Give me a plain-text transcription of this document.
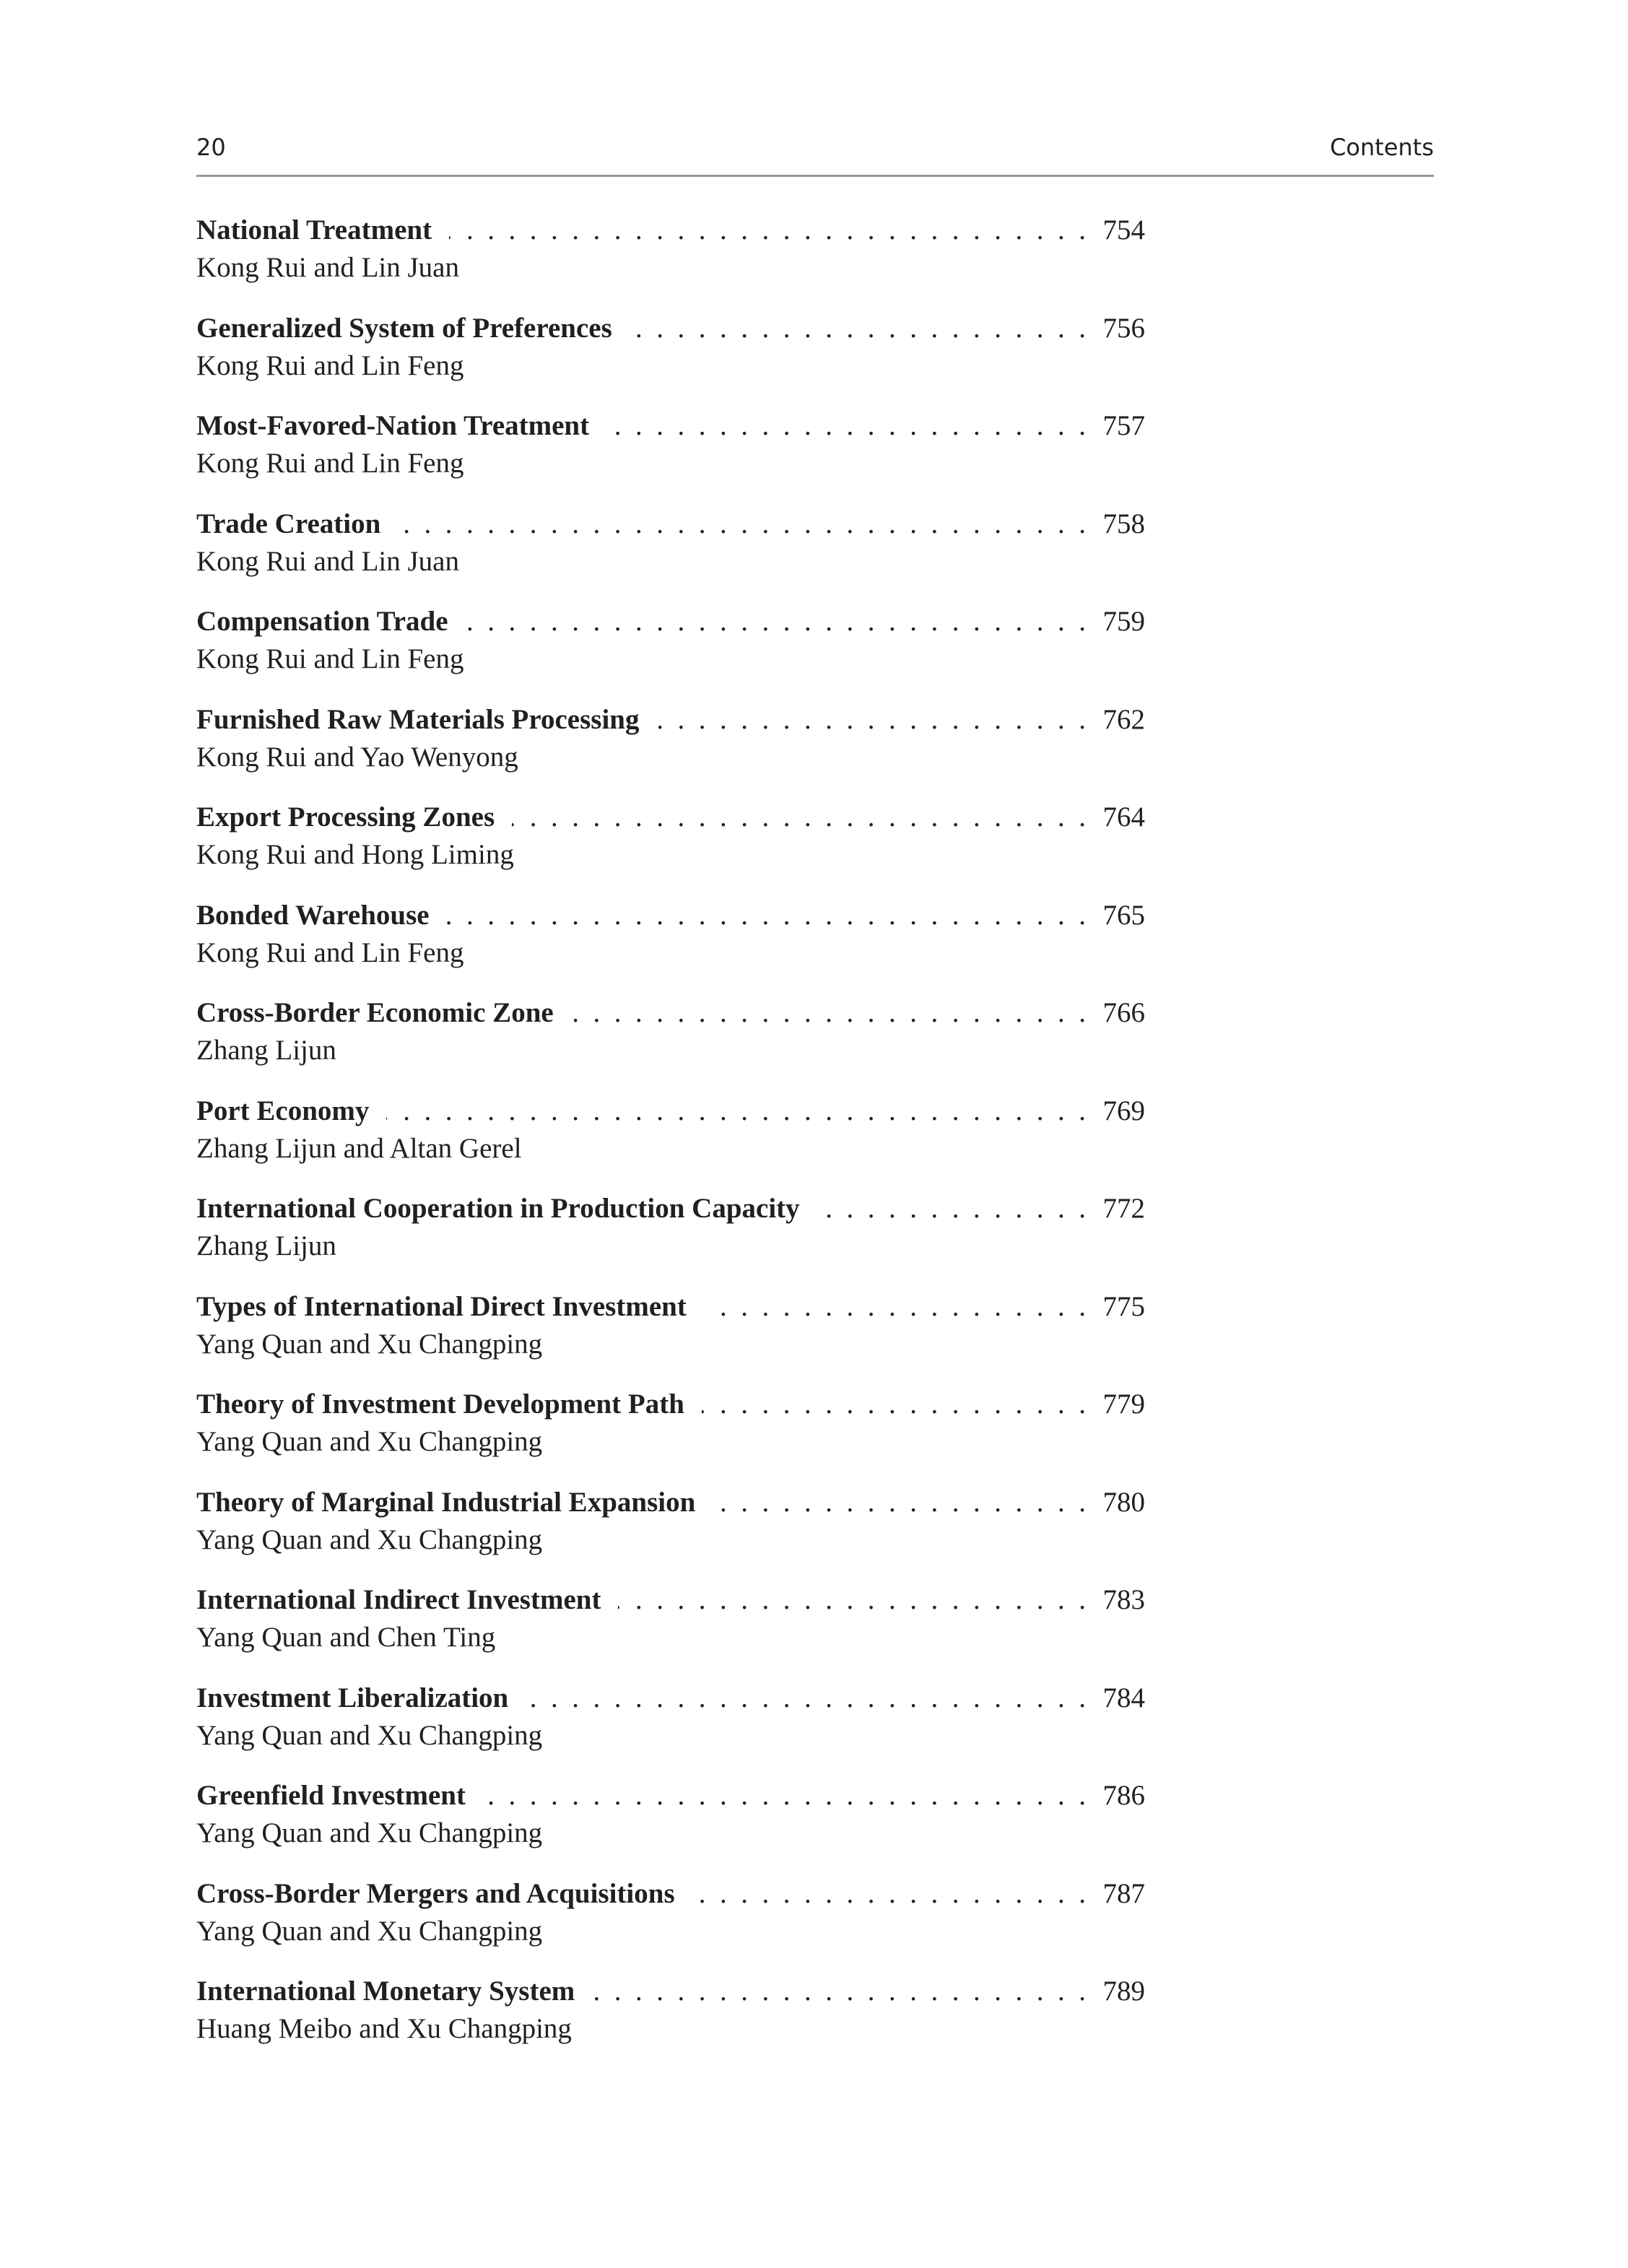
20	Contents
National Treatment . . .	754
Kong Rui and Lin Juan
Generalized System of Preferences . . .	756
Kong Rui and Lin Feng
Most-Favored-Nation Treatment . . .	757
Kong Rui and Lin Feng
Trade Creation . . .	758
Kong Rui and Lin Juan
Compensation Trade . . .	759
Kong Rui and Lin Feng
Furnished Raw Materials Processing . . .	762
Kong Rui and Yao Wenyong
Export Processing Zones . . .	764
Kong Rui and Hong Liming
Bonded Warehouse . . .	765
Kong Rui and Lin Feng
Cross-Border Economic Zone . . .	766
Zhang Lijun
Port Economy . . .	769
Zhang Lijun and Altan Gerel
International Cooperation in Production Capacity . . .	772
Zhang Lijun
Types of International Direct Investment . . .	775
Yang Quan and Xu Changping
Theory of Investment Development Path . . .	779
Yang Quan and Xu Changping
Theory of Marginal Industrial Expansion . . .	780
Yang Quan and Xu Changping
International Indirect Investment . . .	783
Yang Quan and Chen Ting
Investment Liberalization . . .	784
Yang Quan and Xu Changping
Greenfield Investment . . .	786
Yang Quan and Xu Changping
Cross-Border Mergers and Acquisitions . . .	787
Yang Quan and Xu Changping
International Monetary System . . .	789
Huang Meibo and Xu Changping
